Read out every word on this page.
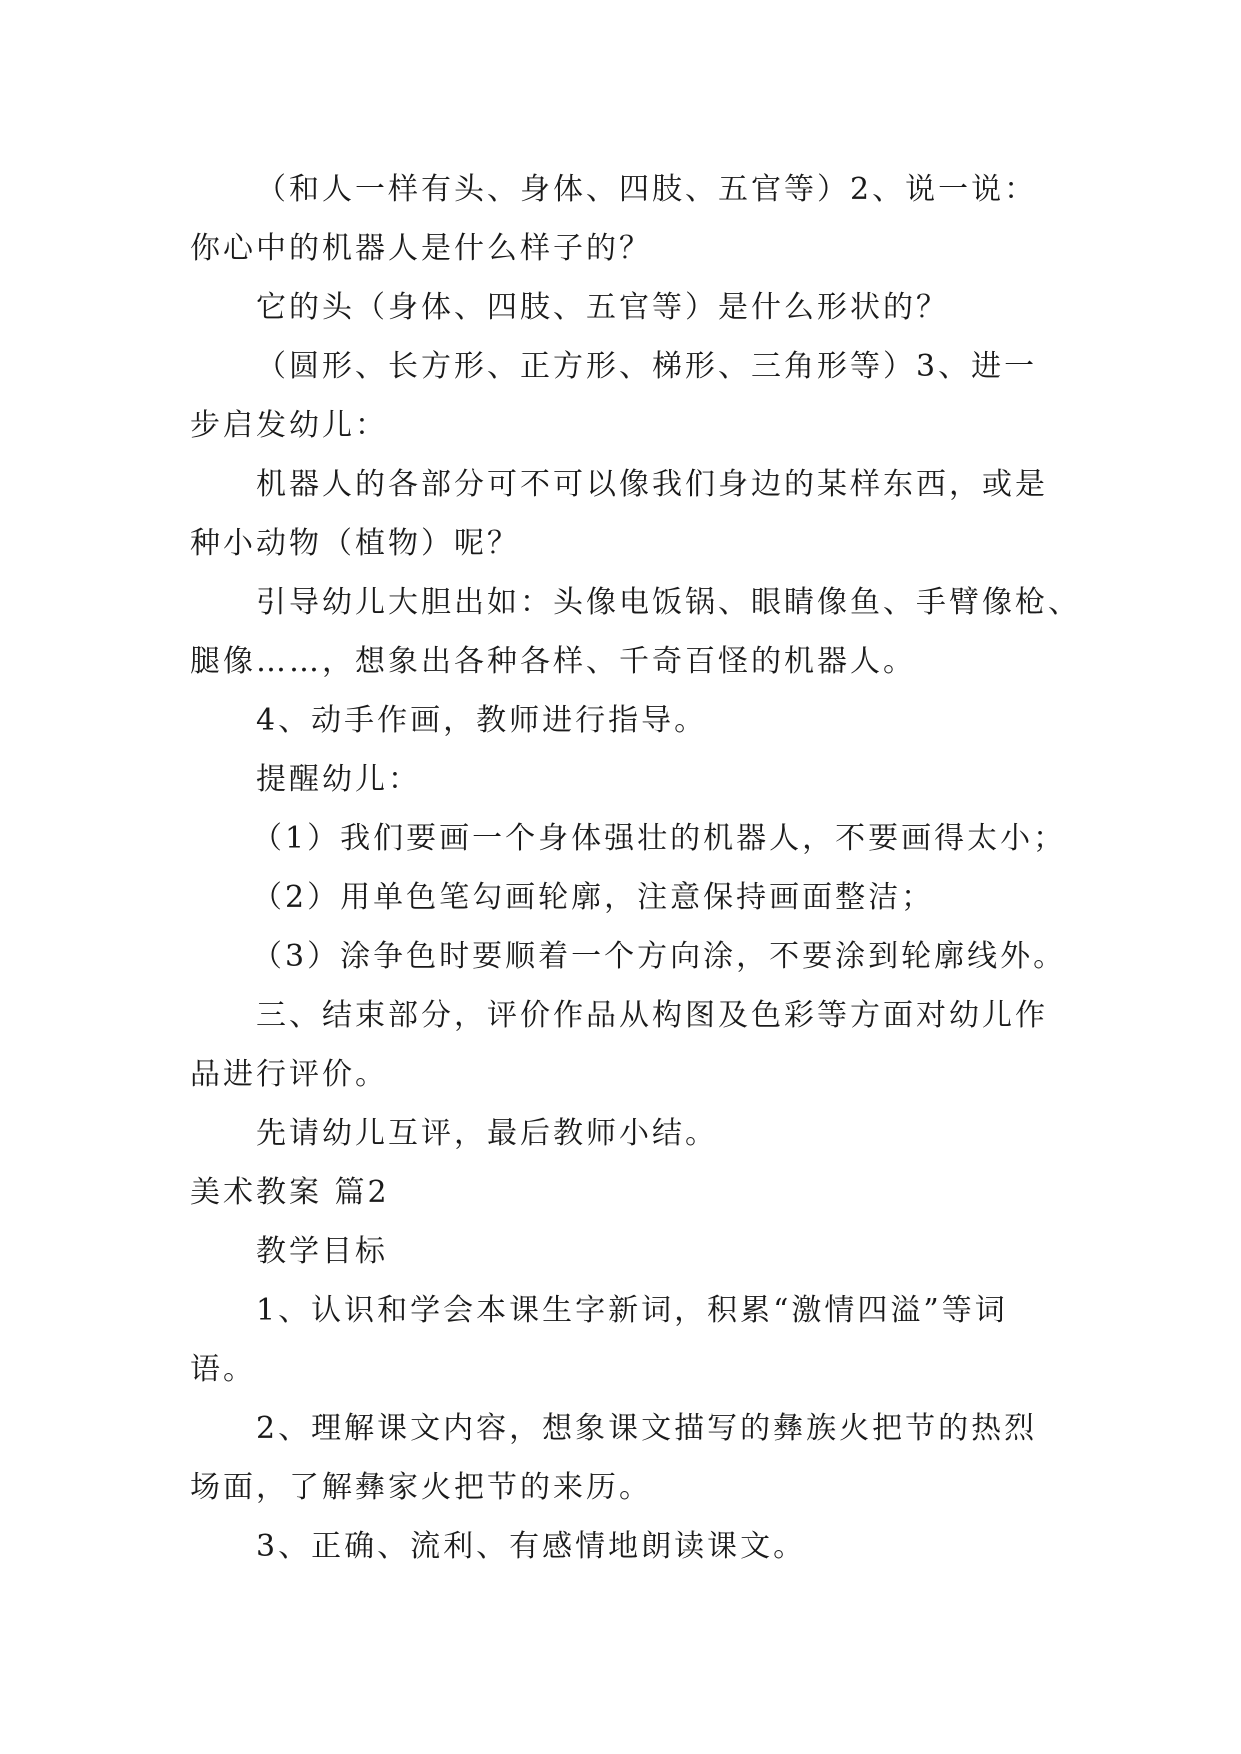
（和人一样有头、身体、四肢、五官等）2、说一说：
你心中的机器人是什么样子的？
它的头（身体、四肢、五官等）是什么形状的？
（圆形、长方形、正方形、梯形、三角形等）3、进一
步启发幼儿：
机器人的各部分可不可以像我们身边的某样东西，或是
种小动物（植物）呢？
引导幼儿大胆出如：头像电饭锅、眼睛像鱼、手臂像枪、
腿像……，想象出各种各样、千奇百怪的机器人。
4、动手作画，教师进行指导。
提醒幼儿：
（1）我们要画一个身体强壮的机器人，不要画得太小；
（2）用单色笔勾画轮廓，注意保持画面整洁；
（3）涂争色时要顺着一个方向涂，不要涂到轮廓线外。
三、结束部分，评价作品从构图及色彩等方面对幼儿作
品进行评价。
先请幼儿互评，最后教师小结。
美术教案 篇2
教学目标
1、认识和学会本课生字新词，积累“激情四溢”等词
语。
2、理解课文内容，想象课文描写的彝族火把节的热烈
场面，了解彝家火把节的来历。
3、正确、流利、有感情地朗读课文。
